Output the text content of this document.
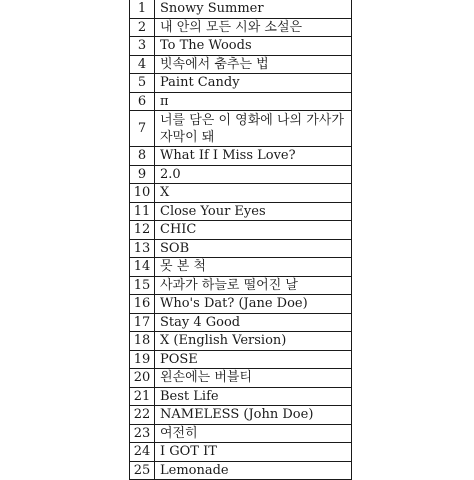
1	Snowy Summer
2	내 안의 모든 시와 소설은
3	To The Woods
4	빗속에서 춤추는 법
5	Paint Candy
6	π
7	너를 담은 이 영화에 나의 가사가 자막이 돼
8	What If I Miss Love?
9	2.0
10	X
11	Close Your Eyes
12	CHIC
13	SOB
14	못 본 척
15	사과가 하늘로 떨어진 날
16	Who's Dat? (Jane Doe)
17	Stay 4 Good
18	X (English Version)
19	POSE
20	왼손에는 버블티
21	Best Life
22	NAMELESS (John Doe)
23	여전히
24	I GOT IT
25	Lemonade
